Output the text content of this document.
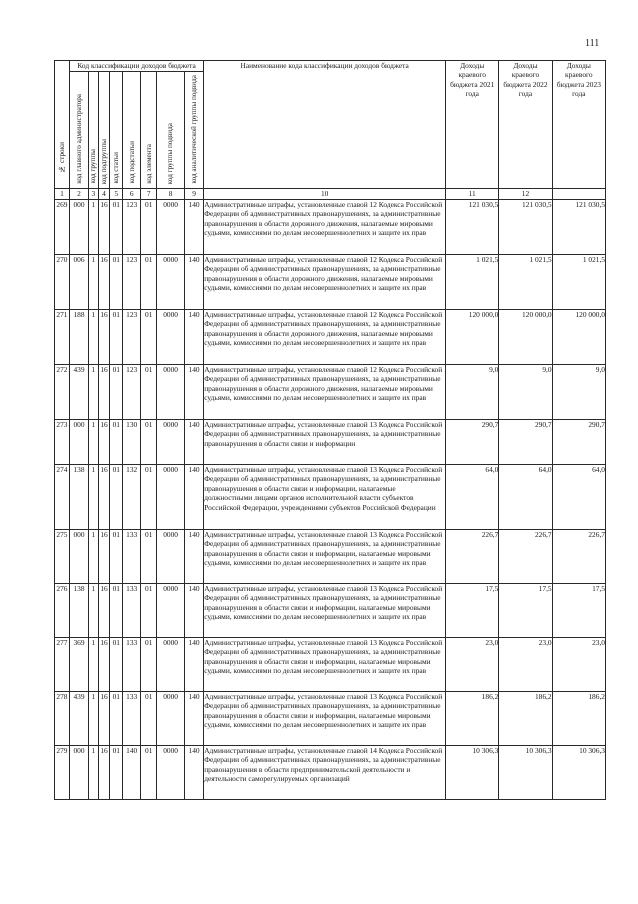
111
№ строки	Код классификации доходов бюджета								Наименование кода классификации доходов бюджета	Доходы краевого бюджета 2021 года	Доходы краевого бюджета 2022 года	Доходы краевого бюджета 2023 года

	код главного администратора	код группы	код подгруппы	код статьи	код подстатьи	код элемента	код группы подвида	код аналитической группы подвида				

1	2	3	4	5	6	7	8	9	10	11	12	
269	000	1	16	01	123	01	0000	140	Административные штрафы, установленные главой 12 Кодекса Российской Федерации об административных правонарушениях, за административные правонарушения в области дорожного движения, налагаемые мировыми судьями, комиссиями по делам несовершеннолетних и защите их прав	121 030,5	121 030,5	121 030,5
270	006	1	16	01	123	01	0000	140	Административные штрафы, установленные главой 12 Кодекса Российской Федерации об административных правонарушениях, за административные правонарушения в области дорожного движения, налагаемые мировыми судьями, комиссиями по делам несовершеннолетних и защите их прав	1 021,5	1 021,5	1 021,5
271	188	1	16	01	123	01	0000	140	Административные штрафы, установленные главой 12 Кодекса Российской Федерации об административных правонарушениях, за административные правонарушения в области дорожного движения, налагаемые мировыми судьями, комиссиями по делам несовершеннолетних и защите их прав	120 000,0	120 000,0	120 000,0
272	439	1	16	01	123	01	0000	140	Административные штрафы, установленные главой 12 Кодекса Российской Федерации об административных правонарушениях, за административные правонарушения в области дорожного движения, налагаемые мировыми судьями, комиссиями по делам несовершеннолетних и защите их прав	9,0	9,0	9,0
273	000	1	16	01	130	01	0000	140	Административные штрафы, установленные главой 13 Кодекса Российской Федерации об административных правонарушениях, за административные правонарушения в области связи и информации	290,7	290,7	290,7
274	138	1	16	01	132	01	0000	140	Административные штрафы, установленные главой 13 Кодекса Российской Федерации об административных правонарушениях, за административные правонарушения в области связи и информации, налагаемые должностными лицами органов исполнительной власти субъектов Российской Федерации, учреждениями субъектов Российской Федерации	64,0	64,0	64,0
275	000	1	16	01	133	01	0000	140	Административные штрафы, установленные главой 13 Кодекса Российской Федерации об административных правонарушениях, за административные правонарушения в области связи и информации, налагаемые мировыми судьями, комиссиями по делам несовершеннолетних и защите их прав	226,7	226,7	226,7
276	138	1	16	01	133	01	0000	140	Административные штрафы, установленные главой 13 Кодекса Российской Федерации об административных правонарушениях, за административные правонарушения в области связи и информации, налагаемые мировыми судьями, комиссиями по делам несовершеннолетних и защите их прав	17,5	17,5	17,5
277	369	1	16	01	133	01	0000	140	Административные штрафы, установленные главой 13 Кодекса Российской Федерации об административных правонарушениях, за административные правонарушения в области связи и информации, налагаемые мировыми судьями, комиссиями по делам несовершеннолетних и защите их прав	23,0	23,0	23,0
278	439	1	16	01	133	01	0000	140	Административные штрафы, установленные главой 13 Кодекса Российской Федерации об административных правонарушениях, за административные правонарушения в области связи и информации, налагаемые мировыми судьями, комиссиями по делам несовершеннолетних и защите их прав	186,2	186,2	186,2
279	000	1	16	01	140	01	0000	140	Административные штрафы, установленные главой 14 Кодекса Российской Федерации об административных правонарушениях, за административные правонарушения в области предпринимательской деятельности и деятельности саморегулируемых организаций	10 306,3	10 306,3	10 306,3
